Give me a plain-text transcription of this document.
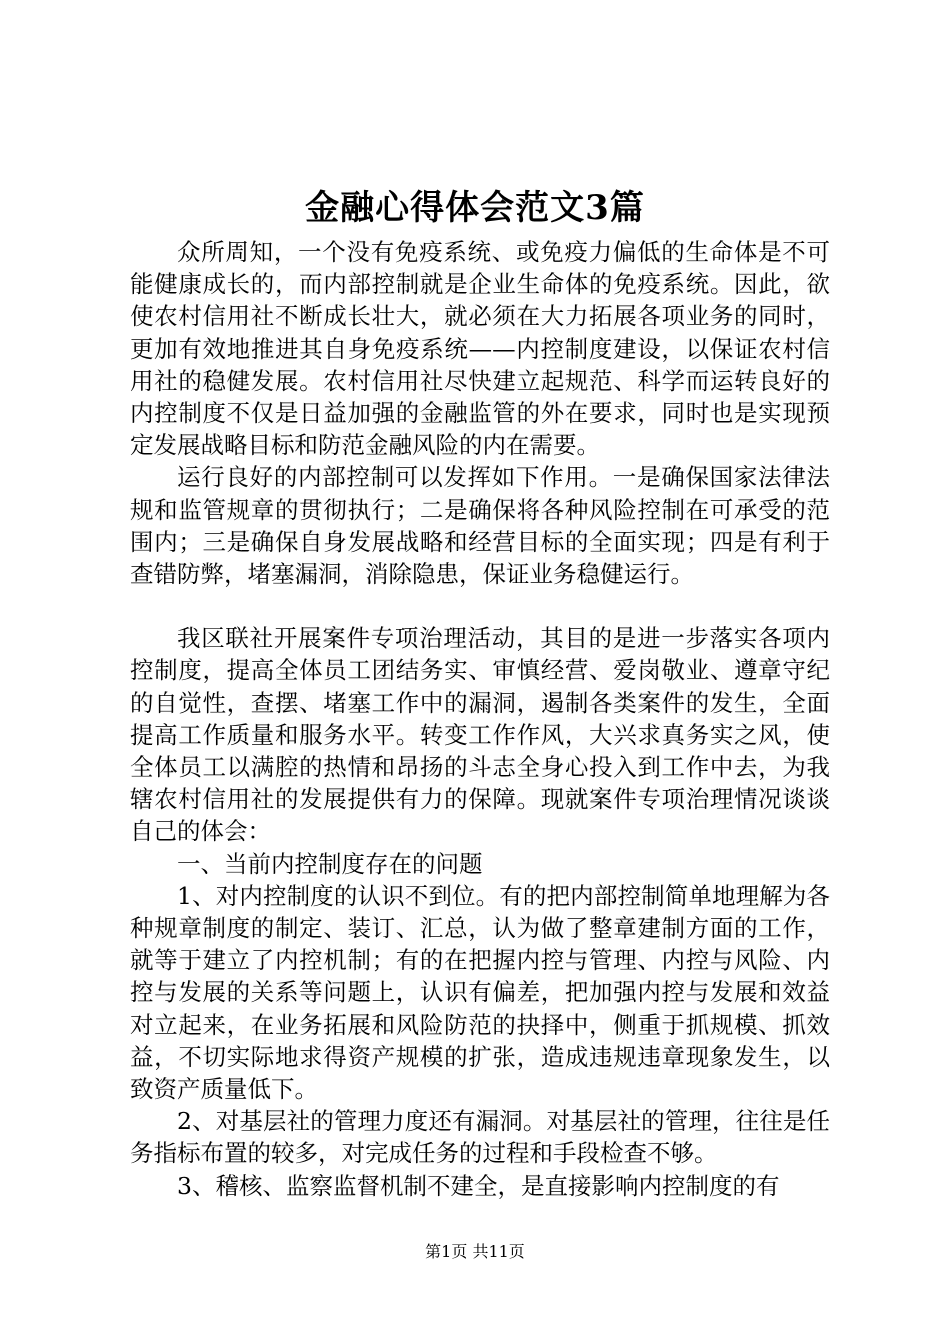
金融心得体会范文3篇

众所周知，一个没有免疫系统、或免疫力偏低的生命体是不可能健康成长的，而内部控制就是企业生命体的免疫系统。因此，欲使农村信用社不断成长壮大，就必须在大力拓展各项业务的同时，更加有效地推进其自身免疫系统——内控制度建设，以保证农村信用社的稳健发展。农村信用社尽快建立起规范、科学而运转良好的内控制度不仅是日益加强的金融监管的外在要求，同时也是实现预定发展战略目标和防范金融风险的内在需要。

运行良好的内部控制可以发挥如下作用。一是确保国家法律法规和监管规章的贯彻执行；二是确保将各种风险控制在可承受的范围内；三是确保自身发展战略和经营目标的全面实现；四是有利于查错防弊，堵塞漏洞，消除隐患，保证业务稳健运行。

我区联社开展案件专项治理活动，其目的是进一步落实各项内控制度，提高全体员工团结务实、审慎经营、爱岗敬业、遵章守纪的自觉性，查摆、堵塞工作中的漏洞，遏制各类案件的发生，全面提高工作质量和服务水平。转变工作作风，大兴求真务实之风，使全体员工以满腔的热情和昂扬的斗志全身心投入到工作中去，为我辖农村信用社的发展提供有力的保障。现就案件专项治理情况谈谈自己的体会：

一、当前内控制度存在的问题

1、对内控制度的认识不到位。有的把内部控制简单地理解为各种规章制度的制定、装订、汇总，认为做了整章建制方面的工作，就等于建立了内控机制；有的在把握内控与管理、内控与风险、内控与发展的关系等问题上，认识有偏差，把加强内控与发展和效益对立起来，在业务拓展和风险防范的抉择中，侧重于抓规模、抓效益，不切实际地求得资产规模的扩张，造成违规违章现象发生，以致资产质量低下。

2、对基层社的管理力度还有漏洞。对基层社的管理，往往是任务指标布置的较多，对完成任务的过程和手段检查不够。

3、稽核、监察监督机制不建全，是直接影响内控制度的有

第1页 共11页
